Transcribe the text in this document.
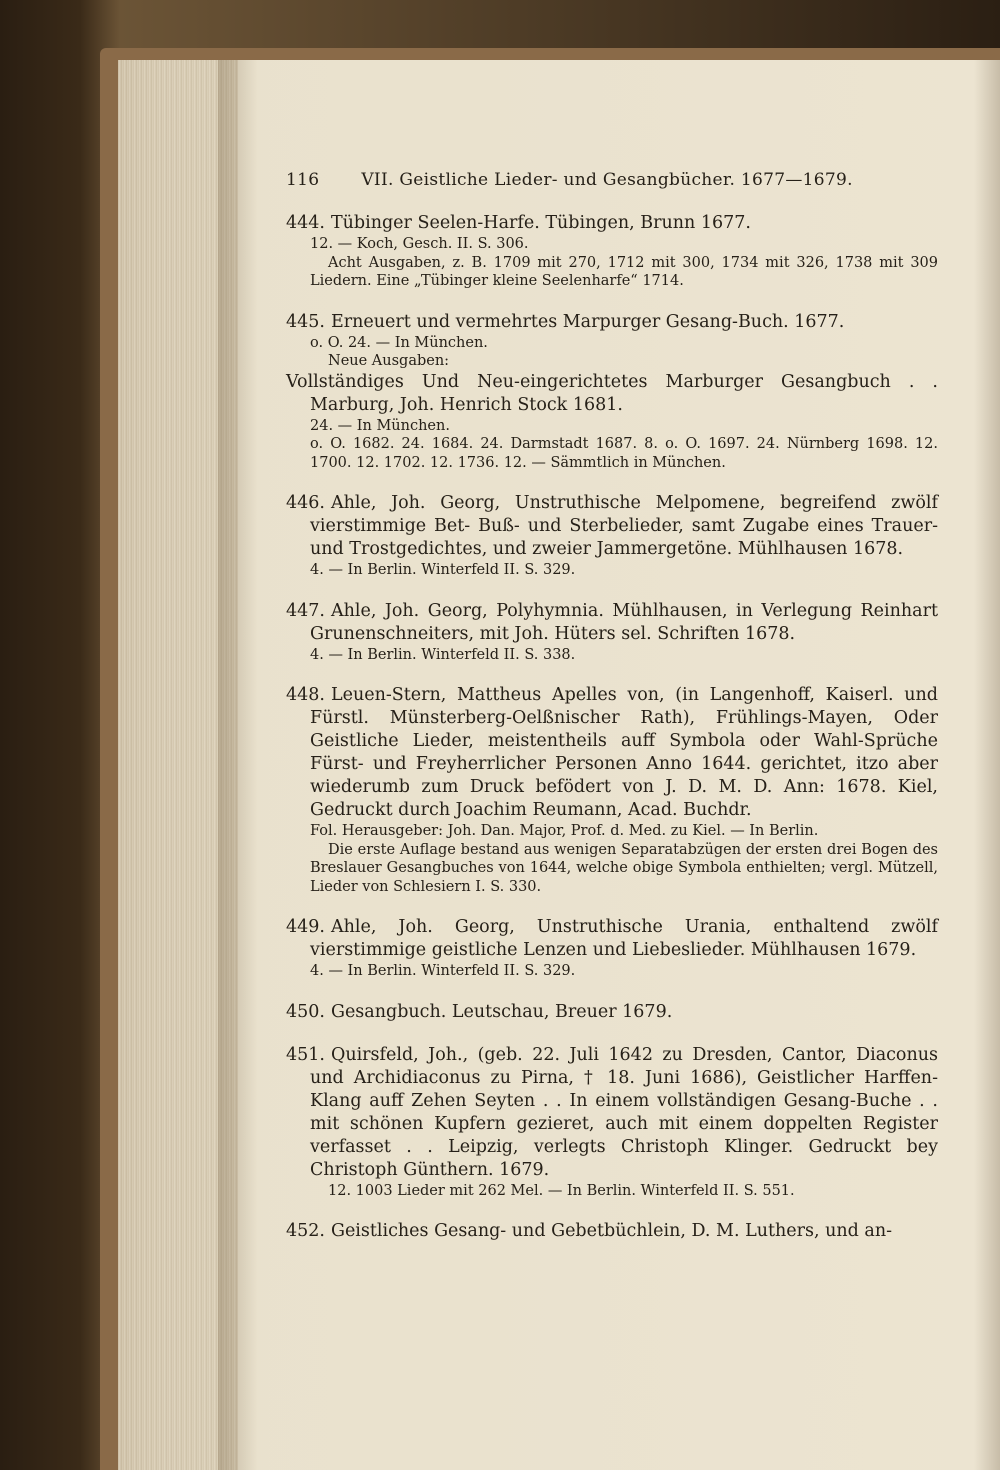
116 VII. Geistliche Lieder- und Gesangbücher. 1677—1679.
444. Tübinger Seelen-Harfe. Tübingen, Brunn 1677.
12. — Koch, Gesch. II. S. 306.
Acht Ausgaben, z. B. 1709 mit 270, 1712 mit 300, 1734 mit 326, 1738 mit 309 Liedern. Eine „Tübinger kleine Seelenharfe“ 1714.
445. Erneuert und vermehrtes Marpurger Gesang-Buch. 1677.
o. O. 24. — In München.
Neue Ausgaben:
Vollständiges Und Neu-eingerichtetes Marburger Gesangbuch . . Marburg, Joh. Henrich Stock 1681.
24. — In München.
o. O. 1682. 24. 1684. 24. Darmstadt 1687. 8. o. O. 1697. 24. Nürnberg 1698. 12. 1700. 12. 1702. 12. 1736. 12. — Sämmtlich in München.
446. Ahle, Joh. Georg, Unstruthische Melpomene, begreifend zwölf vierstimmige Bet- Buß- und Sterbelieder, samt Zugabe eines Trauer- und Trostgedichtes, und zweier Jammergetöne. Mühlhausen 1678.
4. — In Berlin. Winterfeld II. S. 329.
447. Ahle, Joh. Georg, Polyhymnia. Mühlhausen, in Verlegung Reinhart Grunenschneiters, mit Joh. Hüters sel. Schriften 1678.
4. — In Berlin. Winterfeld II. S. 338.
448. Leuen-Stern, Mattheus Apelles von, (in Langenhoff, Kaiserl. und Fürstl. Münsterberg-Oelßnischer Rath), Frühlings-Mayen, Oder Geistliche Lieder, meistentheils auff Symbola oder Wahl-Sprüche Fürst- und Freyherrlicher Personen Anno 1644. gerichtet, itzo aber wiederumb zum Druck befödert von J. D. M. D. Ann: 1678. Kiel, Gedruckt durch Joachim Reumann, Acad. Buchdr.
Fol. Herausgeber: Joh. Dan. Major, Prof. d. Med. zu Kiel. — In Berlin.
Die erste Auflage bestand aus wenigen Separatabzügen der ersten drei Bogen des Breslauer Gesangbuches von 1644, welche obige Symbola enthielten; vergl. Mützell, Lieder von Schlesiern I. S. 330.
449. Ahle, Joh. Georg, Unstruthische Urania, enthaltend zwölf vierstimmige geistliche Lenzen und Liebeslieder. Mühlhausen 1679.
4. — In Berlin. Winterfeld II. S. 329.
450. Gesangbuch. Leutschau, Breuer 1679.
451. Quirsfeld, Joh., (geb. 22. Juli 1642 zu Dresden, Cantor, Diaconus und Archidiaconus zu Pirna, † 18. Juni 1686), Geistlicher Harffen-Klang auff Zehen Seyten . . In einem vollständigen Gesang-Buche . . mit schönen Kupfern gezieret, auch mit einem doppelten Register verfasset . . Leipzig, verlegts Christoph Klinger. Gedruckt bey Christoph Günthern. 1679.
12. 1003 Lieder mit 262 Mel. — In Berlin. Winterfeld II. S. 551.
452. Geistliches Gesang- und Gebetbüchlein, D. M. Luthers, und an-
